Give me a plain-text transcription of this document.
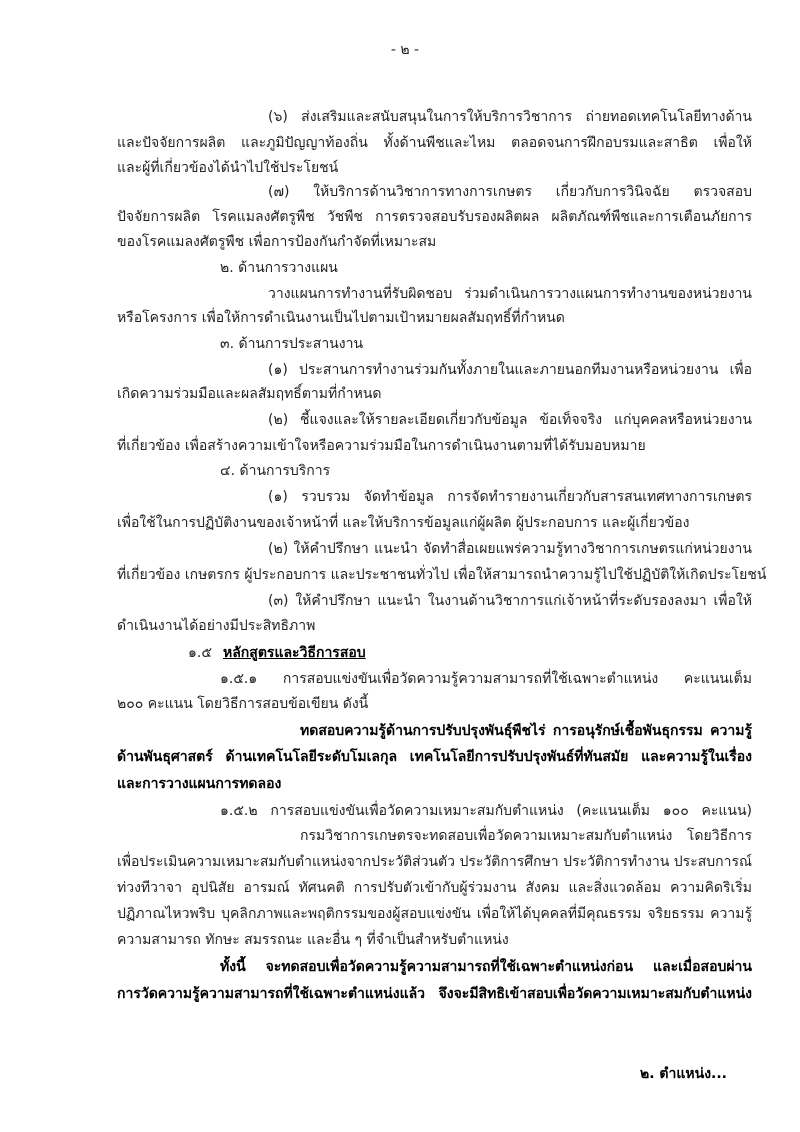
- ๒ -
(๖) ส่งเสริมและสนับสนุนในการให้บริการวิชาการ ถ่ายทอดเทคโนโลยีทางด้าน
และปัจจัยการผลิต และภูมิปัญญาท้องถิ่น ทั้งด้านพืชและไหม ตลอดจนการฝึกอบรมและสาธิต เพื่อให้
และผู้ที่เกี่ยวข้องได้นำไปใช้ประโยชน์
(๗) ให้บริการด้านวิชาการทางการเกษตร เกี่ยวกับการวินิจฉัย ตรวจสอบ
ปัจจัยการผลิต โรคแมลงศัตรูพืช วัชพืช การตรวจสอบรับรองผลิตผล ผลิตภัณฑ์พืชและการเตือนภัยการ
ของโรคแมลงศัตรูพืช เพื่อการป้องกันกำจัดที่เหมาะสม
๒. ด้านการวางแผน
วางแผนการทำงานที่รับผิดชอบ ร่วมดำเนินการวางแผนการทำงานของหน่วยงาน
หรือโครงการ เพื่อให้การดำเนินงานเป็นไปตามเป้าหมายผลสัมฤทธิ์ที่กำหนด
๓. ด้านการประสานงาน
(๑) ประสานการทำงานร่วมกันทั้งภายในและภายนอกทีมงานหรือหน่วยงาน เพื่อ
เกิดความร่วมมือและผลสัมฤทธิ์ตามที่กำหนด
(๒) ชี้แจงและให้รายละเอียดเกี่ยวกับข้อมูล ข้อเท็จจริง แก่บุคคลหรือหน่วยงาน
ที่เกี่ยวข้อง เพื่อสร้างความเข้าใจหรือความร่วมมือในการดำเนินงานตามที่ได้รับมอบหมาย
๔. ด้านการบริการ
(๑) รวบรวม จัดทำข้อมูล การจัดทำรายงานเกี่ยวกับสารสนเทศทางการเกษตร
เพื่อใช้ในการปฏิบัติงานของเจ้าหน้าที่ และให้บริการข้อมูลแก่ผู้ผลิต ผู้ประกอบการ และผู้เกี่ยวข้อง
(๒) ให้คำปรึกษา แนะนำ จัดทำสื่อเผยแพร่ความรู้ทางวิชาการเกษตรแก่หน่วยงาน
ที่เกี่ยวข้อง เกษตรกร ผู้ประกอบการ และประชาชนทั่วไป เพื่อให้สามารถนำความรู้ไปใช้ปฏิบัติให้เกิดประโยชน์
(๓) ให้คำปรึกษา แนะนำ ในงานด้านวิชาการแก่เจ้าหน้าที่ระดับรองลงมา เพื่อให้
ดำเนินงานได้อย่างมีประสิทธิภาพ
๑.๕ หลักสูตรและวิธีการสอบ
๑.๕.๑ การสอบแข่งขันเพื่อวัดความรู้ความสามารถที่ใช้เฉพาะตำแหน่ง คะแนนเต็ม
๒๐๐ คะแนน โดยวิธีการสอบข้อเขียน ดังนี้
ทดสอบความรู้ด้านการปรับปรุงพันธุ์พืชไร่ การอนุรักษ์เชื้อพันธุกรรม ความรู้
ด้านพันธุศาสตร์ ด้านเทคโนโลยีระดับโมเลกุล เทคโนโลยีการปรับปรุงพันธ์ที่ทันสมัย และความรู้ในเรื่อง
และการวางแผนการทดลอง
๑.๕.๒ การสอบแข่งขันเพื่อวัดความเหมาะสมกับตำแหน่ง (คะแนนเต็ม ๑๐๐ คะแนน)
กรมวิชาการเกษตรจะทดสอบเพื่อวัดความเหมาะสมกับตำแหน่ง โดยวิธีการ
เพื่อประเมินความเหมาะสมกับตำแหน่งจากประวัติส่วนตัว ประวัติการศึกษา ประวัติการทำงาน ประสบการณ์
ท่วงทีวาจา อุปนิสัย อารมณ์ ทัศนคติ การปรับตัวเข้ากับผู้ร่วมงาน สังคม และสิ่งแวดล้อม ความคิดริเริ่ม
ปฏิภาณไหวพริบ บุคลิกภาพและพฤติกรรมของผู้สอบแข่งขัน เพื่อให้ได้บุคคลที่มีคุณธรรม จริยธรรม ความรู้
ความสามารถ ทักษะ สมรรถนะ และอื่น ๆ ที่จำเป็นสำหรับตำแหน่ง
ทั้งนี้ จะทดสอบเพื่อวัดความรู้ความสามารถที่ใช้เฉพาะตำแหน่งก่อน และเมื่อสอบผ่าน
การวัดความรู้ความสามารถที่ใช้เฉพาะตำแหน่งแล้ว จึงจะมีสิทธิเข้าสอบเพื่อวัดความเหมาะสมกับตำแหน่ง
๒. ตำแหน่ง...
